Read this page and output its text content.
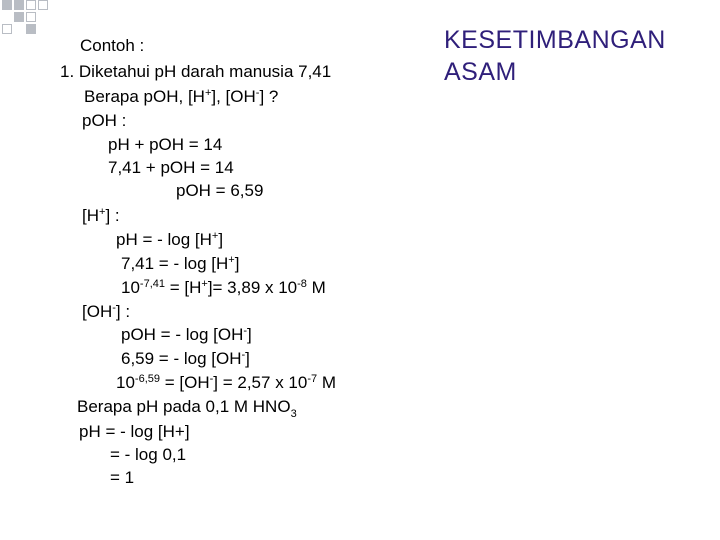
KESETIMBANGAN
ASAM
Contoh :
1. Diketahui pH darah manusia 7,41
Berapa pOH, [H+], [OH-] ?
pOH :
pH + pOH = 14
7,41 + pOH = 14
pOH = 6,59
[H+] :
pH = - log [H+]
7,41 = - log [H+]
$10^{-7,41} = [H^+]= 3,89$ x $10^{-8}$ M
[OH-] :
pOH = - log [OH-]
6,59 = - log [OH-]
$10^{-6,59} = [OH^-] = 2,57$ x $10^{-7}$ M
Berapa pH pada 0,1 M $HNO_3$
pH = - log [H+]
= - log 0,1
= 1
